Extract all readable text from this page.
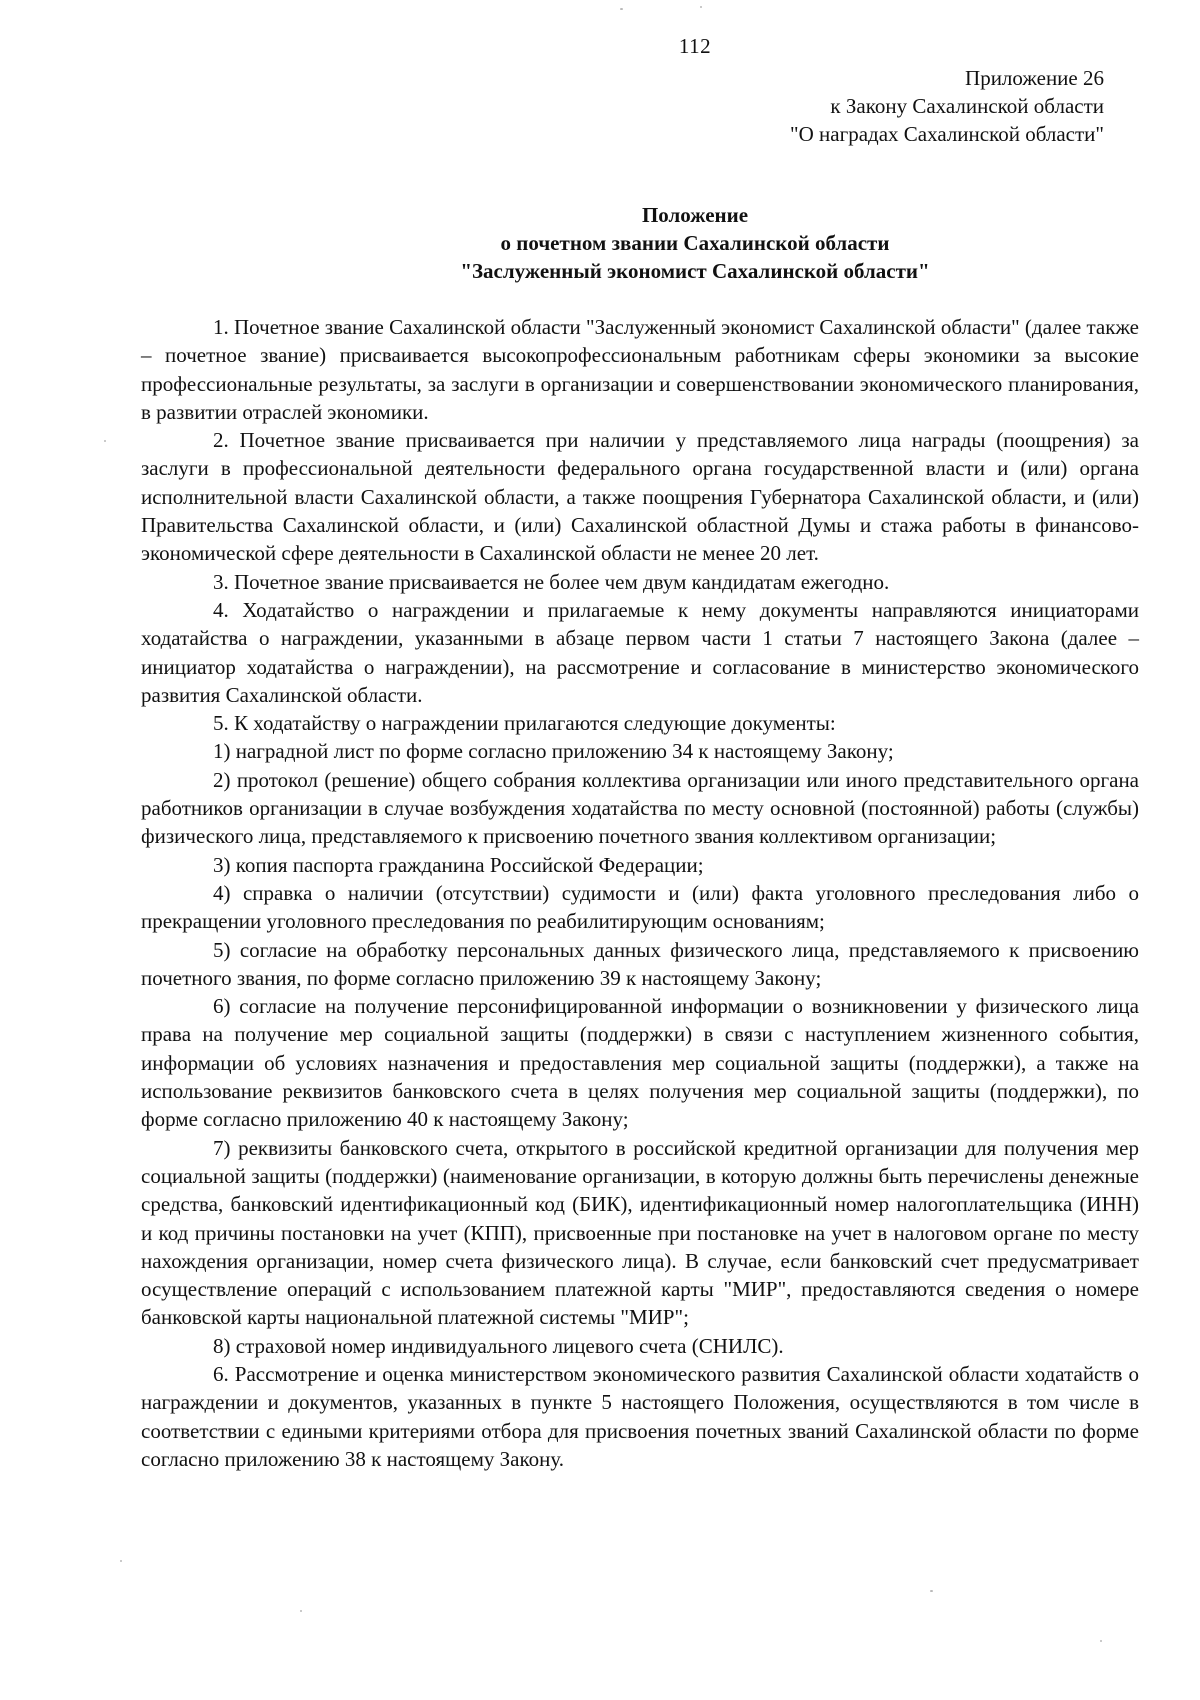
112
Приложение 26
к Закону Сахалинской области
"О наградах Сахалинской области"
Положение
о почетном звании Сахалинской области
"Заслуженный экономист Сахалинской области"

1. Почетное звание Сахалинской области "Заслуженный экономист Сахалинской области" (далее также – почетное звание) присваивается высокопрофессиональным работникам сферы экономики за высокие профессиональные результаты, за заслуги в организации и совершенствовании экономического планирования, в развитии отраслей экономики.

2. Почетное звание присваивается при наличии у представляемого лица награды (поощрения) за заслуги в профессиональной деятельности федерального органа государственной власти и (или) органа исполнительной власти Сахалинской области, а также поощрения Губернатора Сахалинской области, и (или) Правительства Сахалинской области, и (или) Сахалинской областной Думы и стажа работы в финансово-экономической сфере деятельности в Сахалинской области не менее 20 лет.

3. Почетное звание присваивается не более чем двум кандидатам ежегодно.

4. Ходатайство о награждении и прилагаемые к нему документы направляются инициаторами ходатайства о награждении, указанными в абзаце первом части 1 статьи 7 настоящего Закона (далее – инициатор ходатайства о награждении), на рассмотрение и согласование в министерство экономического развития Сахалинской области.

5. К ходатайству о награждении прилагаются следующие документы:

1) наградной лист по форме согласно приложению 34 к настоящему Закону;

2) протокол (решение) общего собрания коллектива организации или иного представительного органа работников организации в случае возбуждения ходатайства по месту основной (постоянной) работы (службы) физического лица, представляемого к присвоению почетного звания коллективом организации;

3) копия паспорта гражданина Российской Федерации;

4) справка о наличии (отсутствии) судимости и (или) факта уголовного преследования либо о прекращении уголовного преследования по реабилитирующим основаниям;

5) согласие на обработку персональных данных физического лица, представляемого к присвоению почетного звания, по форме согласно приложению 39 к настоящему Закону;

6) согласие на получение персонифицированной информации о возникновении у физического лица права на получение мер социальной защиты (поддержки) в связи с наступлением жизненного события, информации об условиях назначения и предоставления мер социальной защиты (поддержки), а также на использование реквизитов банковского счета в целях получения мер социальной защиты (поддержки), по форме согласно приложению 40 к настоящему Закону;

7) реквизиты банковского счета, открытого в российской кредитной организации для получения мер социальной защиты (поддержки) (наименование организации, в которую должны быть перечислены денежные средства, банковский идентификационный код (БИК), идентификационный номер налогоплательщика (ИНН) и код причины постановки на учет (КПП), присвоенные при постановке на учет в налоговом органе по месту нахождения организации, номер счета физического лица). В случае, если банковский счет предусматривает осуществление операций с использованием платежной карты "МИР", предоставляются сведения о номере банковской карты национальной платежной системы "МИР";

8) страховой номер индивидуального лицевого счета (СНИЛС).

6. Рассмотрение и оценка министерством экономического развития Сахалинской области ходатайств о награждении и документов, указанных в пункте 5 настоящего Положения, осуществляются в том числе в соответствии с едиными критериями отбора для присвоения почетных званий Сахалинской области по форме согласно приложению 38 к настоящему Закону.
